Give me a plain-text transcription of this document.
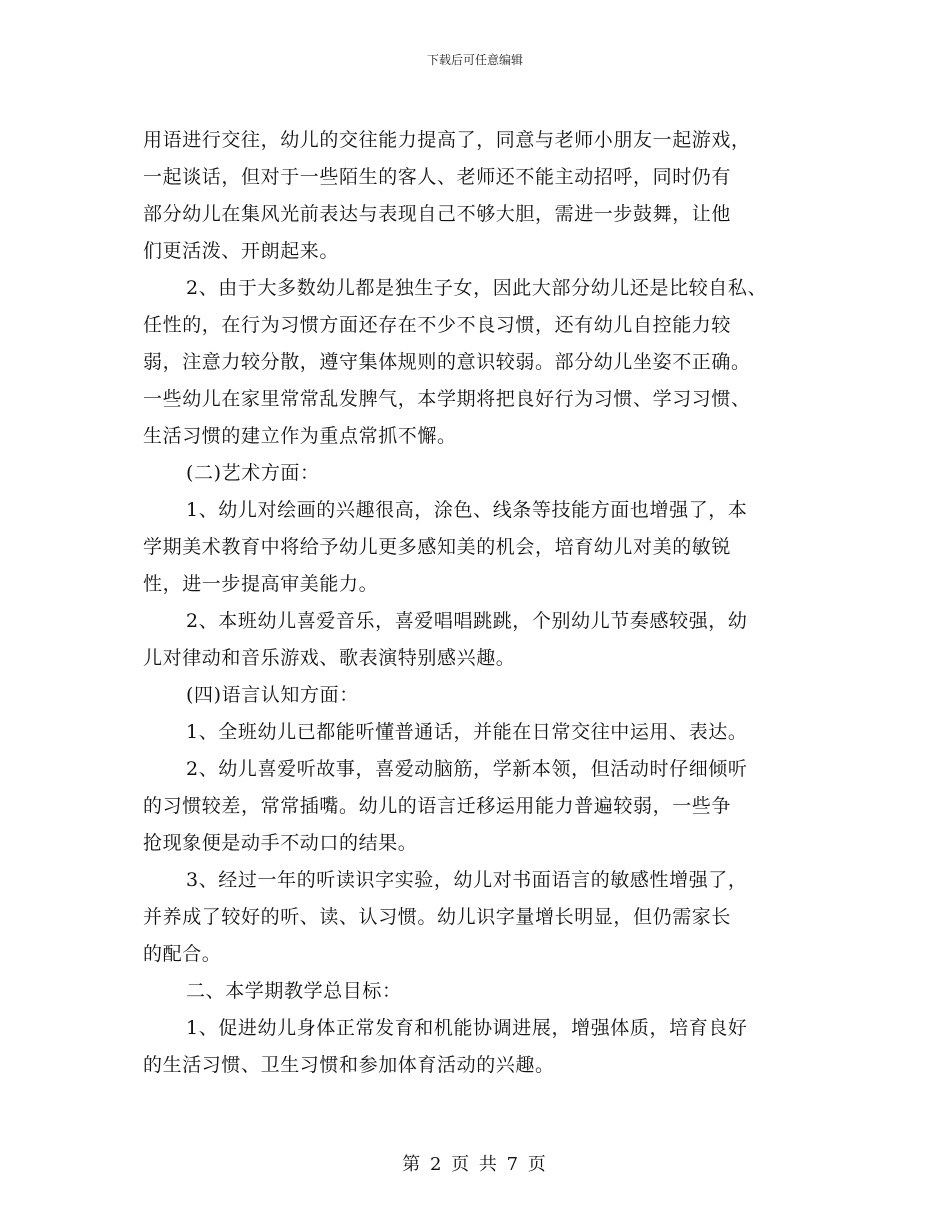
下载后可任意编辑
用语进行交往，幼儿的交往能力提高了，同意与老师小朋友一起游戏，
一起谈话，但对于一些陌生的客人、老师还不能主动招呼，同时仍有
部分幼儿在集风光前表达与表现自己不够大胆，需进一步鼓舞，让他
们更活泼、开朗起来。
2、由于大多数幼儿都是独生子女，因此大部分幼儿还是比较自私、
任性的，在行为习惯方面还存在不少不良习惯，还有幼儿自控能力较
弱，注意力较分散，遵守集体规则的意识较弱。部分幼儿坐姿不正确。
一些幼儿在家里常常乱发脾气，本学期将把良好行为习惯、学习习惯、
生活习惯的建立作为重点常抓不懈。
(二)艺术方面：
1、幼儿对绘画的兴趣很高，涂色、线条等技能方面也增强了，本
学期美术教育中将给予幼儿更多感知美的机会，培育幼儿对美的敏锐
性，进一步提高审美能力。
2、本班幼儿喜爱音乐，喜爱唱唱跳跳，个别幼儿节奏感较强，幼
儿对律动和音乐游戏、歌表演特别感兴趣。
(四)语言认知方面：
1、全班幼儿已都能听懂普通话，并能在日常交往中运用、表达。
2、幼儿喜爱听故事，喜爱动脑筋，学新本领，但活动时仔细倾听
的习惯较差，常常插嘴。幼儿的语言迁移运用能力普遍较弱，一些争
抢现象便是动手不动口的结果。
3、经过一年的听读识字实验，幼儿对书面语言的敏感性增强了，
并养成了较好的听、读、认习惯。幼儿识字量增长明显，但仍需家长
的配合。
二、本学期教学总目标：
1、促进幼儿身体正常发育和机能协调进展，增强体质，培育良好
的生活习惯、卫生习惯和参加体育活动的兴趣。
第 2 页 共 7 页
